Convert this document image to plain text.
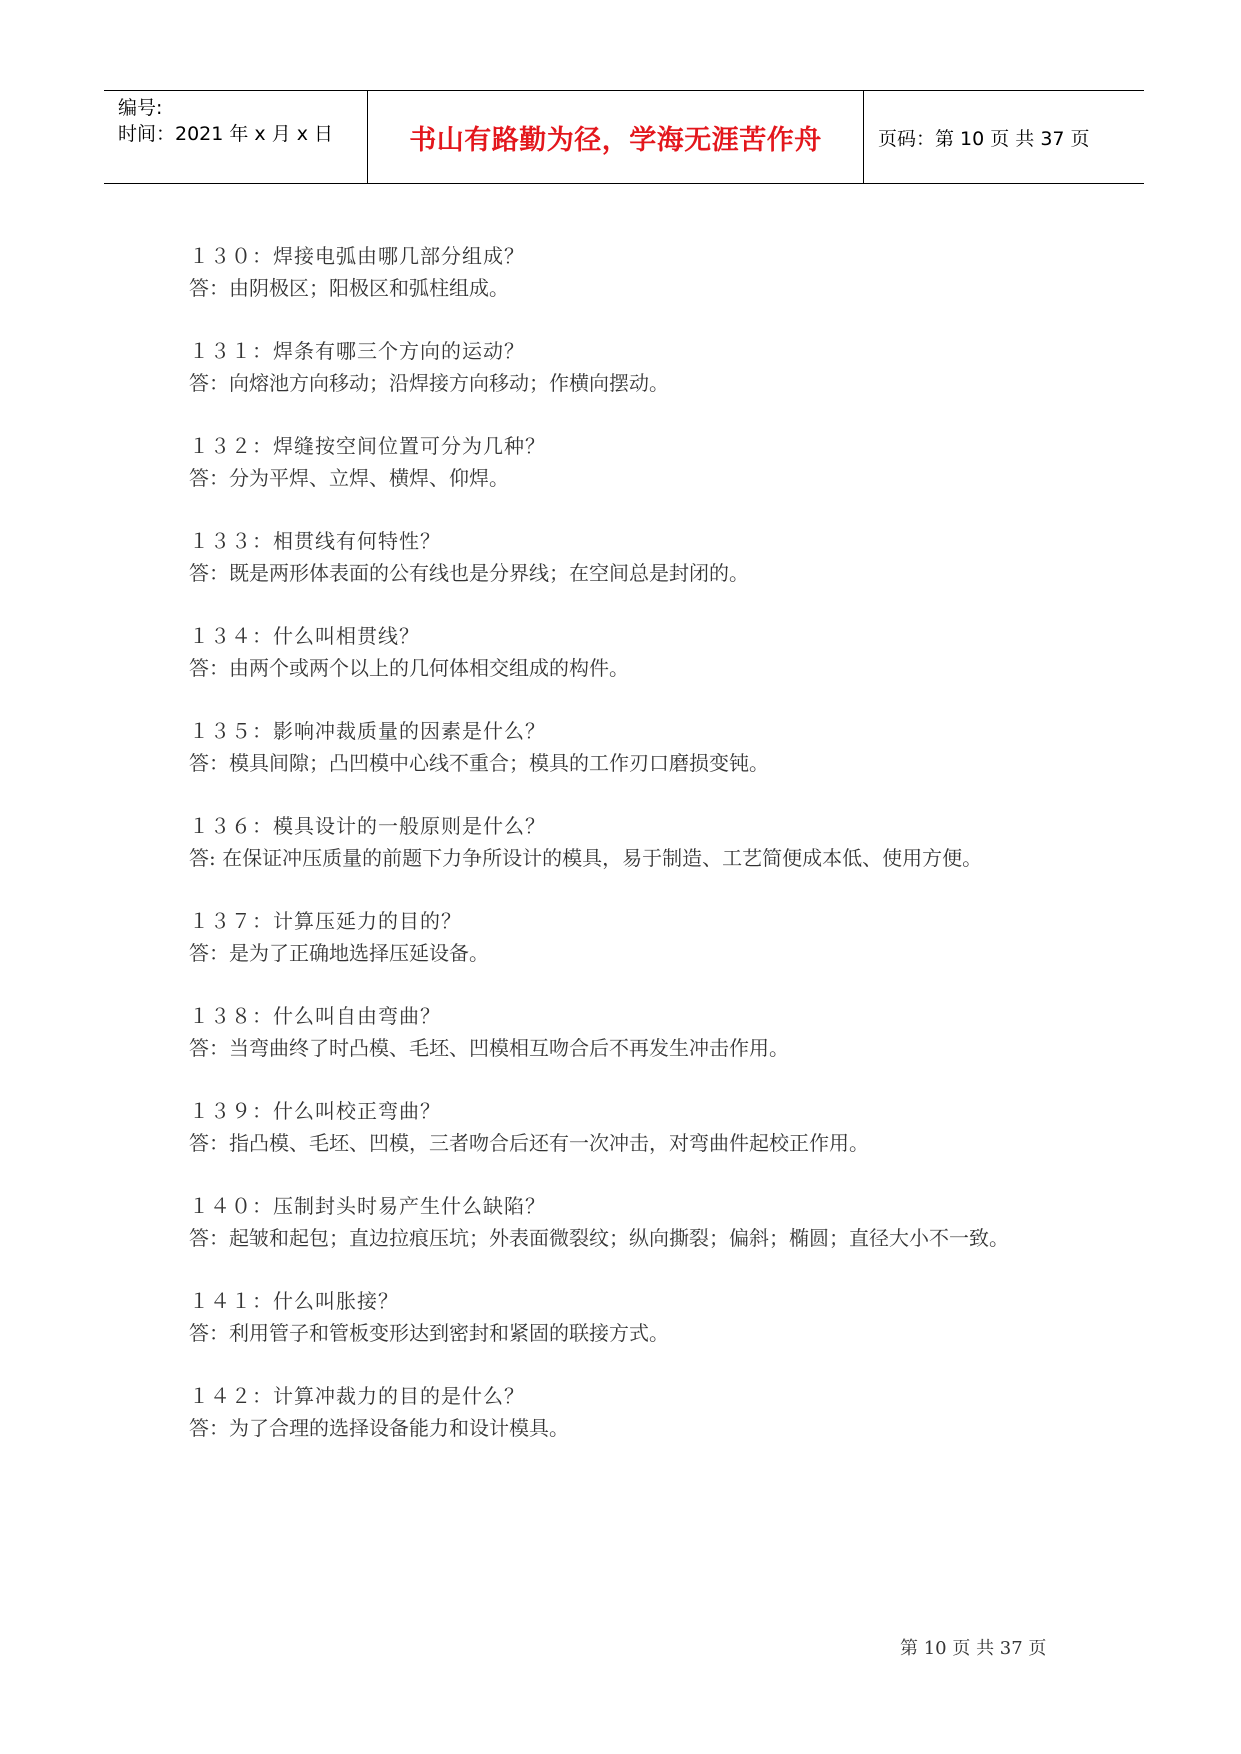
编号:
时间：2021 年 x 月 x 日	书山有路勤为径，学海无涯苦作舟	页码：第 10 页 共 37 页
１３０：焊接电弧由哪几部分组成？
答：由阴极区；阳极区和弧柱组成。
１３１：焊条有哪三个方向的运动？
答：向熔池方向移动；沿焊接方向移动；作横向摆动。
１３２：焊缝按空间位置可分为几种？
答：分为平焊、立焊、横焊、仰焊。
１３３：相贯线有何特性？
答：既是两形体表面的公有线也是分界线；在空间总是封闭的。
１３４：什么叫相贯线？
答：由两个或两个以上的几何体相交组成的构件。
１３５：影响冲裁质量的因素是什么？
答：模具间隙；凸凹模中心线不重合；模具的工作刃口磨损变钝。
１３６：模具设计的一般原则是什么？
答: 在保证冲压质量的前题下力争所设计的模具，易于制造、工艺简便成本低、使用方便。
１３７：计算压延力的目的？
答：是为了正确地选择压延设备。
１３８：什么叫自由弯曲？
答：当弯曲终了时凸模、毛坯、凹模相互吻合后不再发生冲击作用。
１３９：什么叫校正弯曲？
答：指凸模、毛坯、凹模，三者吻合后还有一次冲击，对弯曲件起校正作用。
１４０：压制封头时易产生什么缺陷？
答：起皱和起包；直边拉痕压坑；外表面微裂纹；纵向撕裂；偏斜；椭圆；直径大小不一致。
１４１：什么叫胀接？
答：利用管子和管板变形达到密封和紧固的联接方式。
１４２：计算冲裁力的目的是什么？
答：为了合理的选择设备能力和设计模具。
第 10 页 共 37 页
